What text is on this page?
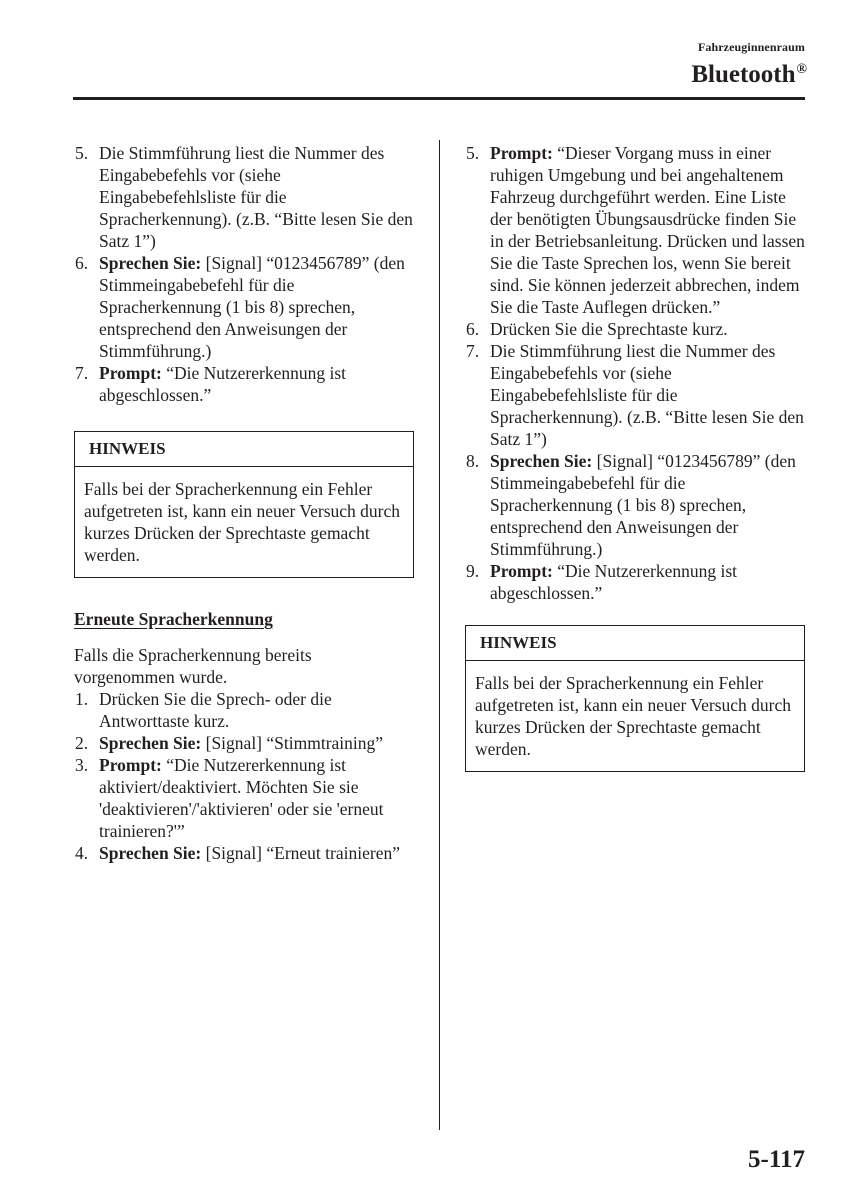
Fahrzeuginnenraum
Bluetooth®
5. Die Stimmführung liest die Nummer des Eingabebefehls vor (siehe Eingabebefehlsliste für die Spracherkennung). (z.B. “Bitte lesen Sie den Satz 1”)
6. Sprechen Sie: [Signal] “0123456789” (den Stimmeingabebefehl für die Spracherkennung (1 bis 8) sprechen, entsprechend den Anweisungen der Stimmführung.)
7. Prompt: “Die Nutzererkennung ist abgeschlossen.”
HINWEIS
Falls bei der Spracherkennung ein Fehler aufgetreten ist, kann ein neuer Versuch durch kurzes Drücken der Sprechtaste gemacht werden.
Erneute Spracherkennung
Falls die Spracherkennung bereits vorgenommen wurde.
1. Drücken Sie die Sprech- oder die Antworttaste kurz.
2. Sprechen Sie: [Signal] “Stimmtraining”
3. Prompt: “Die Nutzererkennung ist aktiviert/deaktiviert. Möchten Sie sie 'deaktivieren'/'aktivieren' oder sie 'erneut trainieren?'”
4. Sprechen Sie: [Signal] “Erneut trainieren”
5. Prompt: “Dieser Vorgang muss in einer ruhigen Umgebung und bei angehaltenem Fahrzeug durchgeführt werden. Eine Liste der benötigten Übungsausdrücke finden Sie in der Betriebsanleitung. Drücken und lassen Sie die Taste Sprechen los, wenn Sie bereit sind. Sie können jederzeit abbrechen, indem Sie die Taste Auflegen drücken.”
6. Drücken Sie die Sprechtaste kurz.
7. Die Stimmführung liest die Nummer des Eingabebefehls vor (siehe Eingabebefehlsliste für die Spracherkennung). (z.B. “Bitte lesen Sie den Satz 1”)
8. Sprechen Sie: [Signal] “0123456789” (den Stimmeingabebefehl für die Spracherkennung (1 bis 8) sprechen, entsprechend den Anweisungen der Stimmführung.)
9. Prompt: “Die Nutzererkennung ist abgeschlossen.”
HINWEIS
Falls bei der Spracherkennung ein Fehler aufgetreten ist, kann ein neuer Versuch durch kurzes Drücken der Sprechtaste gemacht werden.
5-117
